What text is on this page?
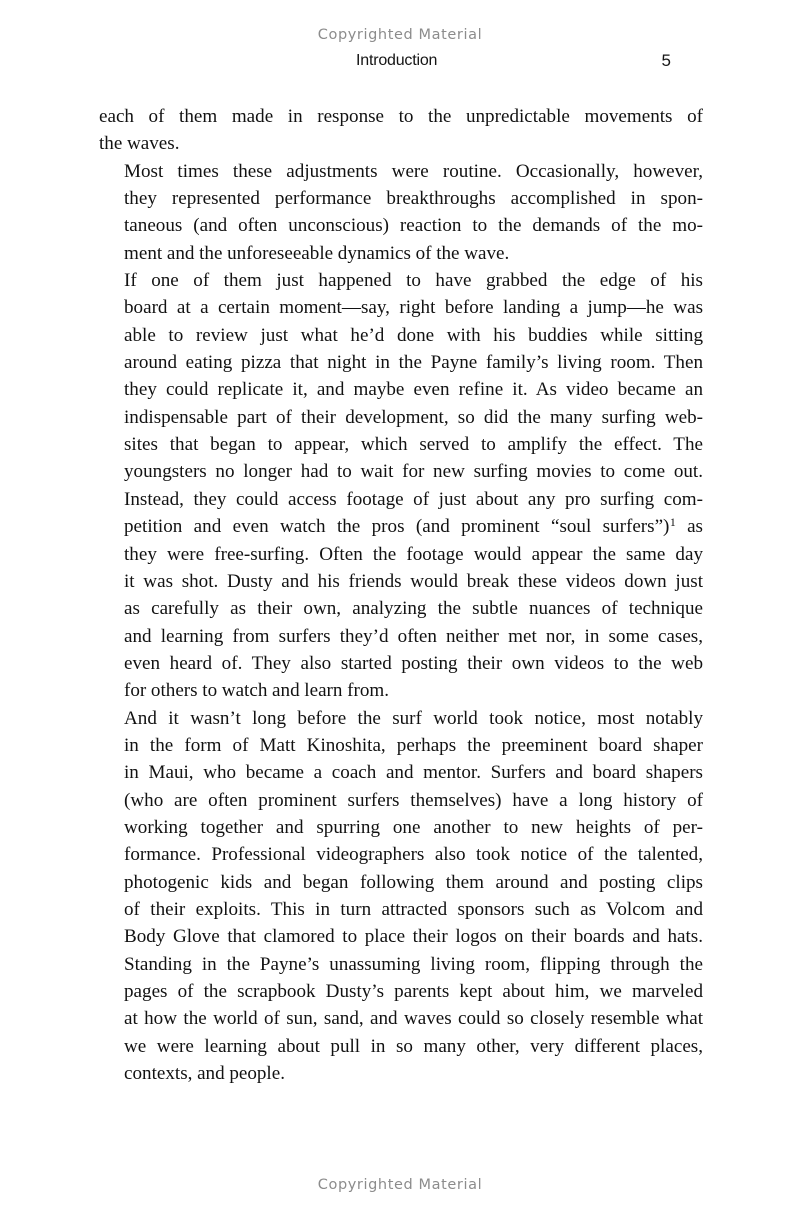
Copyrighted Material
Introduction	5

each of them made in response to the unpredictable movements of
the waves.

Most times these adjustments were routine. Occasionally, however,
they represented performance breakthroughs accomplished in spon-
taneous (and often unconscious) reaction to the demands of the mo-
ment and the unforeseeable dynamics of the wave.

If one of them just happened to have grabbed the edge of his
board at a certain moment—say, right before landing a jump—he was
able to review just what he’d done with his buddies while sitting
around eating pizza that night in the Payne family’s living room. Then
they could replicate it, and maybe even refine it. As video became an
indispensable part of their development, so did the many surfing web-
sites that began to appear, which served to amplify the effect. The
youngsters no longer had to wait for new surfing movies to come out.
Instead, they could access footage of just about any pro surfing com-
petition and even watch the pros (and prominent “soul surfers”)$^1$ as
they were free-surfing. Often the footage would appear the same day
it was shot. Dusty and his friends would break these videos down just
as carefully as their own, analyzing the subtle nuances of technique
and learning from surfers they’d often neither met nor, in some cases,
even heard of. They also started posting their own videos to the web
for others to watch and learn from.

And it wasn’t long before the surf world took notice, most notably
in the form of Matt Kinoshita, perhaps the preeminent board shaper
in Maui, who became a coach and mentor. Surfers and board shapers
(who are often prominent surfers themselves) have a long history of
working together and spurring one another to new heights of per-
formance. Professional videographers also took notice of the talented,
photogenic kids and began following them around and posting clips
of their exploits. This in turn attracted sponsors such as Volcom and
Body Glove that clamored to place their logos on their boards and hats.
Standing in the Payne’s unassuming living room, flipping through the
pages of the scrapbook Dusty’s parents kept about him, we marveled
at how the world of sun, sand, and waves could so closely resemble what
we were learning about pull in so many other, very different places,
contexts, and people.

Copyrighted Material
